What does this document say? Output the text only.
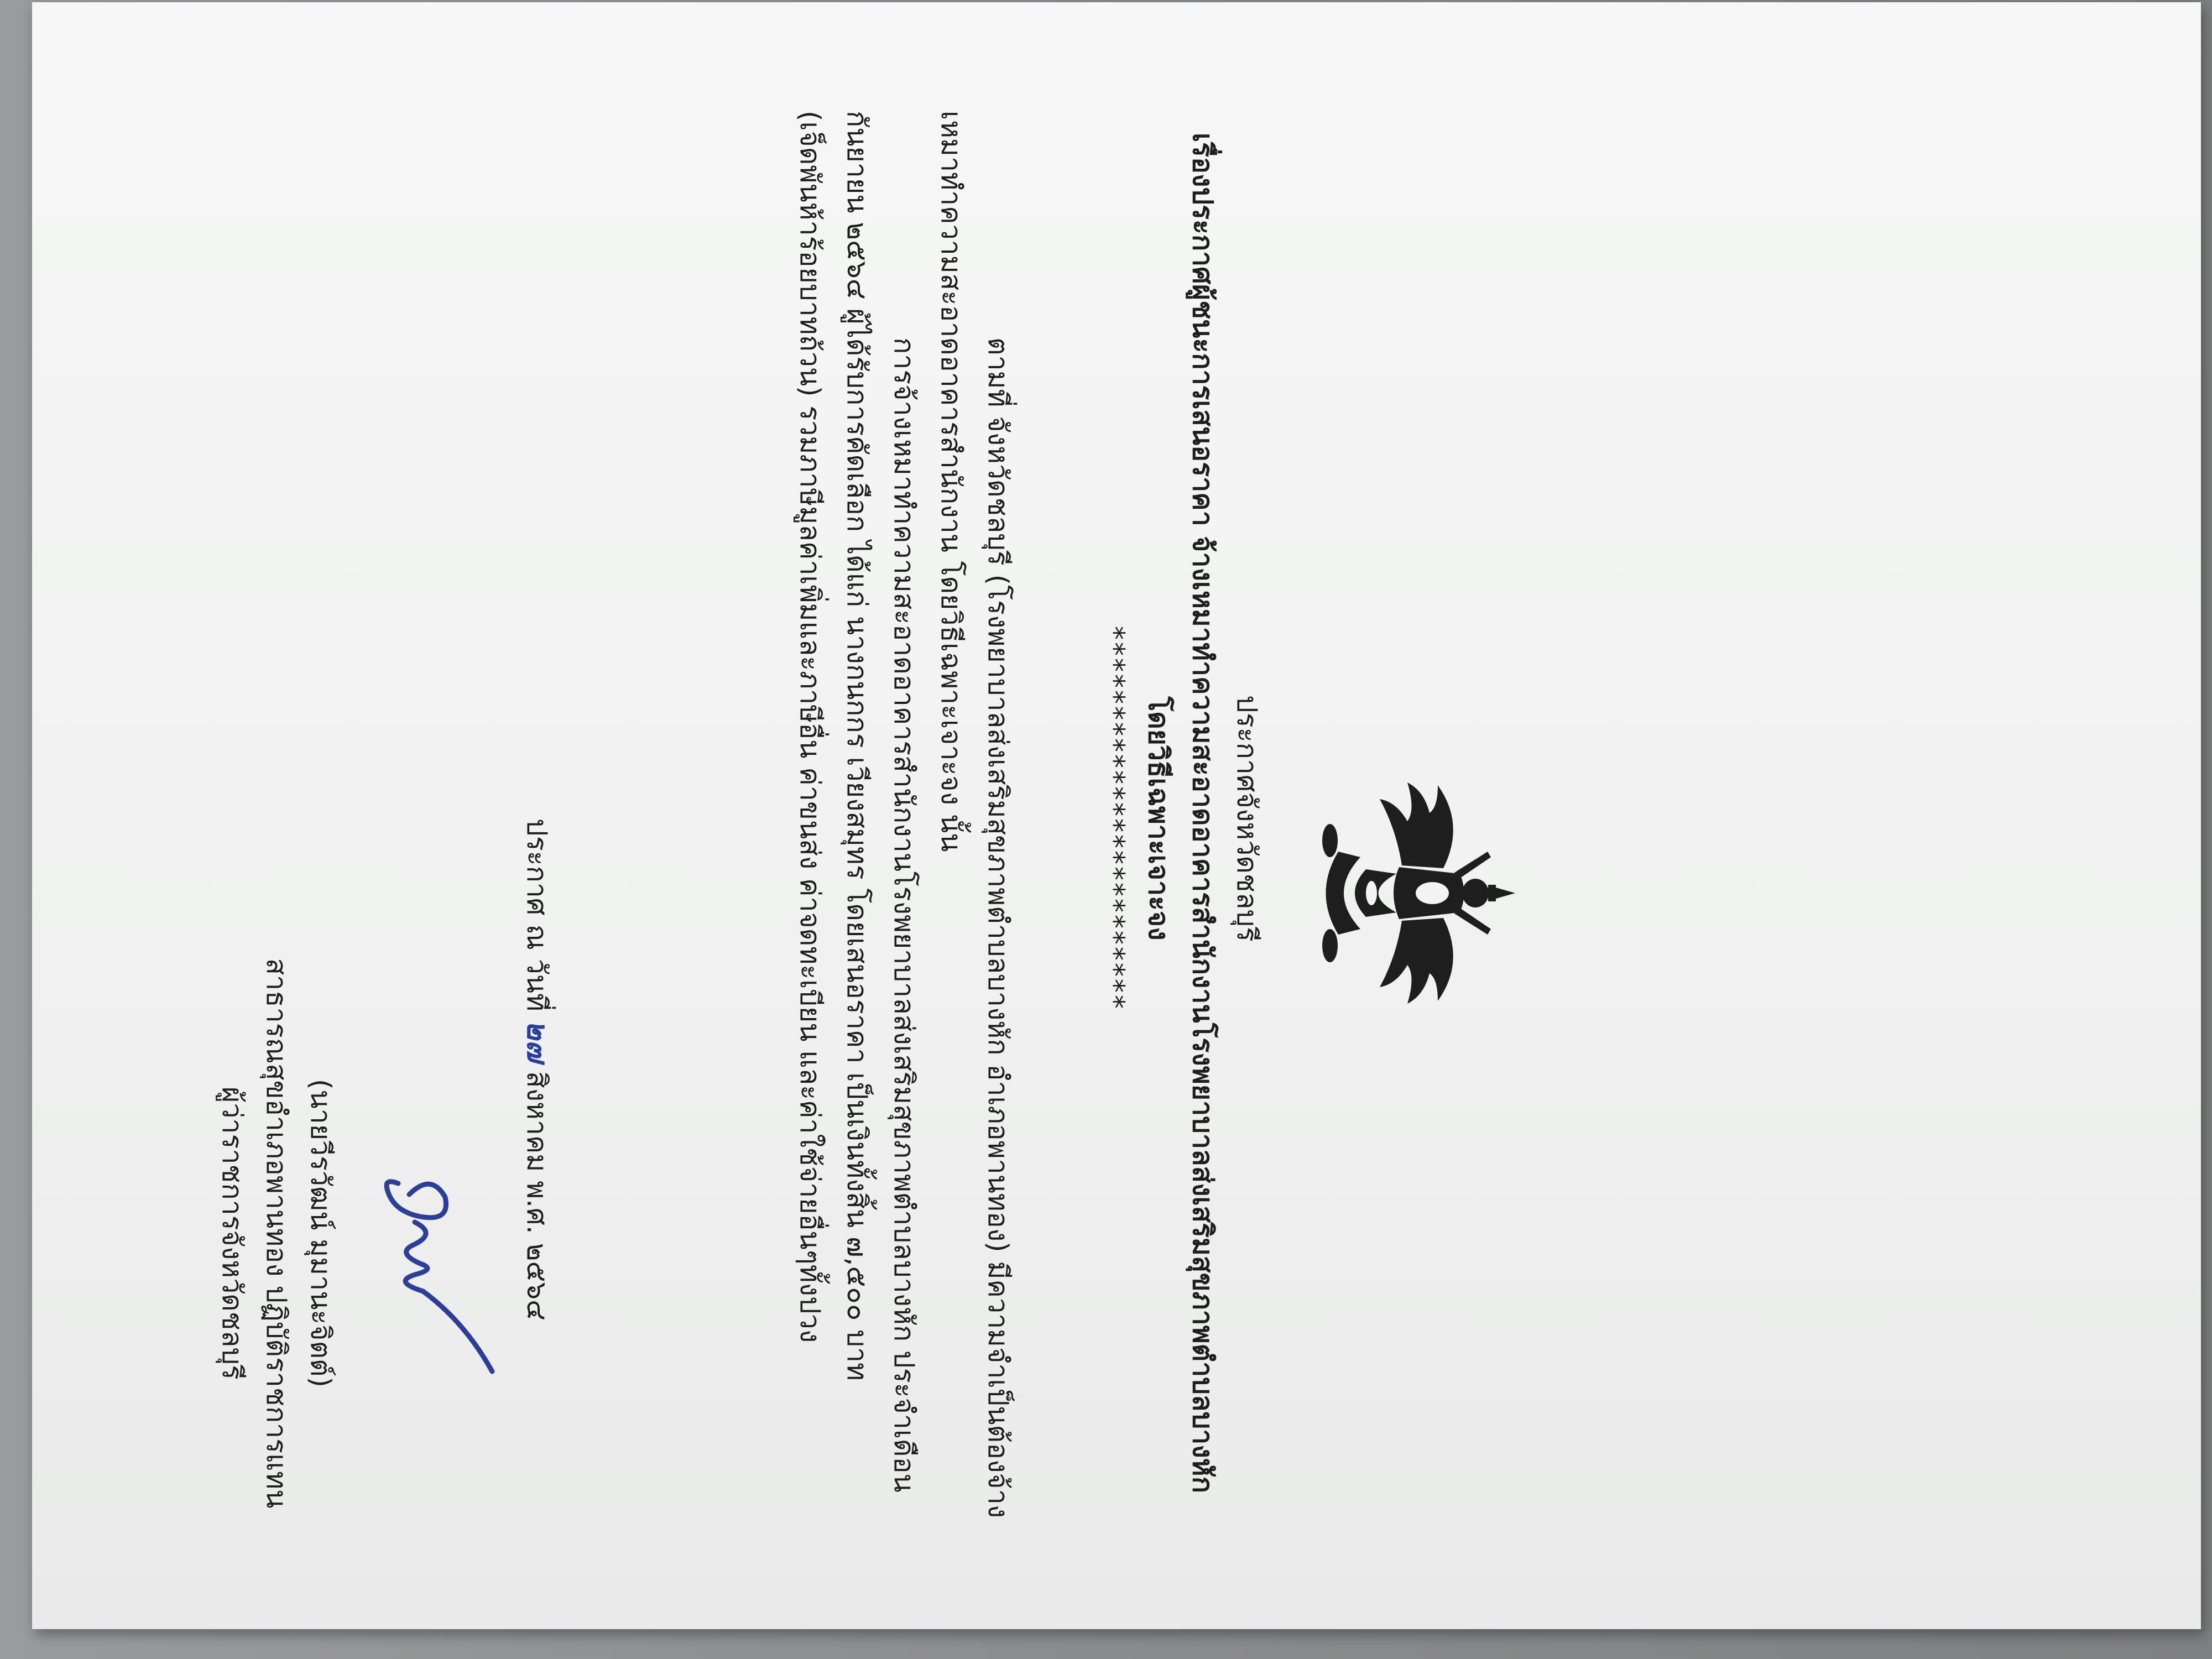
ประกาศจังหวัดชลบุรี
เรื่องประกาศผู้ชนะการเสนอราคา จ้างเหมาทำความสะอาดอาคารสำนักงานโรงพยาบาลส่งเสริมสุขภาพตำบลบางหัก
โดยวิธีเฉพาะเจาะจง
************************
ตามที่ จังหวัดชลบุรี (โรงพยาบาลส่งเสริมสุขภาพตำบลบางหัก อำเภอพานทอง) มีความจำเป็นต้องจ้าง
เหมาทำความสะอาดอาคารสำนักงาน โดยวิธีเฉพาะเจาะจง นั้น
การจ้างเหมาทำความสะอาดอาคารสำนักงานโรงพยาบาลส่งเสริมสุขภาพตำบลบางหัก ประจำเดือน
กันยายน ๒๕๖๔ ผู้ได้รับการคัดเลือก ได้แก่ นางกนกกร เวียงสมุทร โดยเสนอราคา เป็นเงินทั้งสิ้น ๗,๕๐๐ บาท
(เจ็ดพันห้าร้อยบาทถ้วน) รวมภาษีมูลค่าเพิ่มและภาษีอื่น ค่าขนส่ง ค่าจดทะเบียน และค่าใช้จ่ายอื่นๆทั้งปวง
ประกาศ ณ วันที่ ๒๗ สิงหาคม พ.ศ. ๒๕๖๔
(นายวีรวัฒน์ มุมานะจิตต์)
สาธารณสุขอำเภอพานทอง ปฏิบัติราชการแทน
ผู้ว่าราชการจังหวัดชลบุรี
